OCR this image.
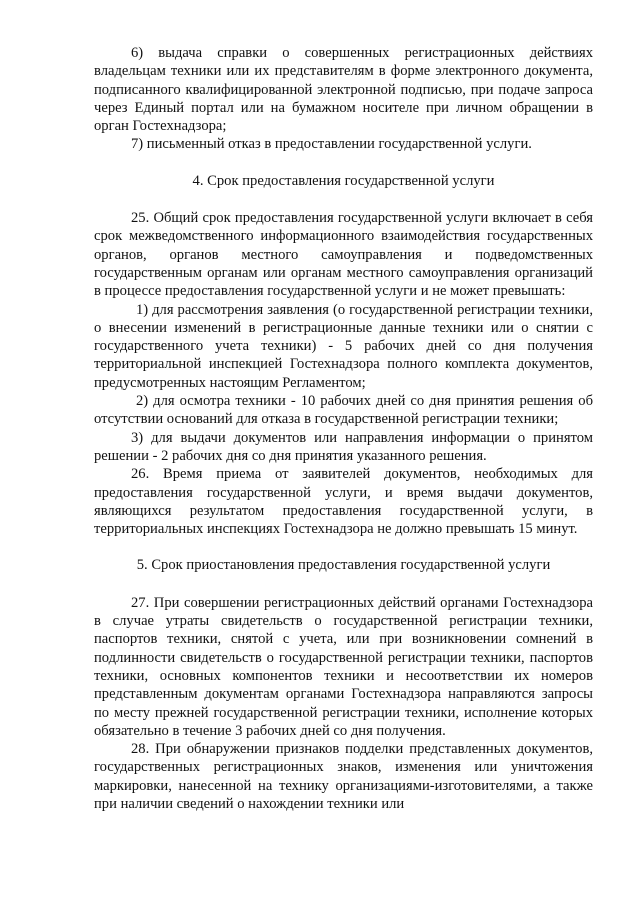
6) выдача справки о совершенных регистрационных действиях владельцам техники или их представителям в форме электронного документа, подписанного квалифицированной электронной подписью, при подаче запроса через Единый портал или на бумажном носителе при личном обращении в орган Гостехнадзора;

7) письменный отказ в предоставлении государственной услуги.

4. Срок предоставления государственной услуги

25. Общий срок предоставления государственной услуги включает в себя срок межведомственного информационного взаимодействия государственных органов, органов местного самоуправления и подведомственных государственным органам или органам местного самоуправления организаций в процессе предоставления государственной услуги и не может превышать:

1) для рассмотрения заявления (о государственной регистрации техники, о внесении изменений в регистрационные данные техники или о снятии с государственного учета техники) - 5 рабочих дней со дня получения территориальной инспекцией Гостехнадзора полного комплекта документов, предусмотренных настоящим Регламентом;

2) для осмотра техники - 10 рабочих дней со дня принятия решения об отсутствии оснований для отказа в государственной регистрации техники;

3) для выдачи документов или направления информации о принятом решении - 2 рабочих дня со дня принятия указанного решения.

26. Время приема от заявителей документов, необходимых для предоставления государственной услуги, и время выдачи документов, являющихся результатом предоставления государственной услуги, в территориальных инспекциях Гостехнадзора не должно превышать 15 минут.

5. Срок приостановления предоставления государственной услуги

27. При совершении регистрационных действий органами Гостехнадзора в случае утраты свидетельств о государственной регистрации техники, паспортов техники, снятой с учета, или при возникновении сомнений в подлинности свидетельств о государственной регистрации техники, паспортов техники, основных компонентов техники и несоответствии их номеров представленным документам органами Гостехнадзора направляются запросы по месту прежней государственной регистрации техники, исполнение которых обязательно в течение 3 рабочих дней со дня получения.

28. При обнаружении признаков подделки представленных документов, государственных регистрационных знаков, изменения или уничтожения маркировки, нанесенной на технику организациями-изготовителями, а также при наличии сведений о нахождении техники или
